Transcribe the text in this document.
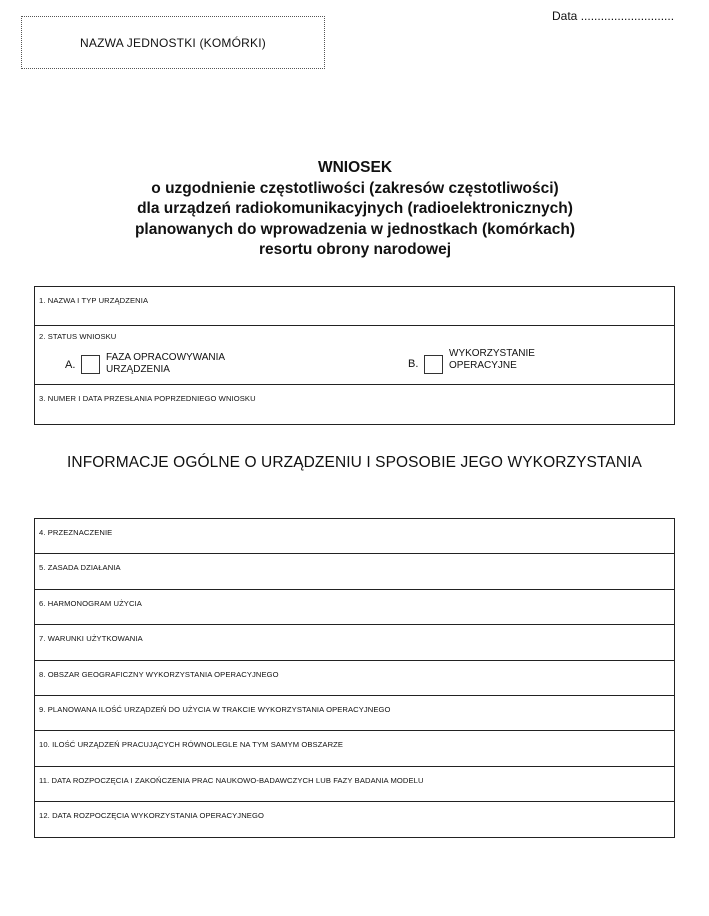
Data ............................
NAZWA JEDNOSTKI (KOMÓRKI)
WNIOSEK
o uzgodnienie częstotliwości (zakresów częstotliwości)
dla urządzeń radiokomunikacyjnych (radioelektronicznych)
planowanych do wprowadzenia w jednostkach (komórkach)
resortu obrony narodowej
1. NAZWA I TYP URZĄDZENIA
2. STATUS WNIOSKU
A.
FAZA OPRACOWYWANIA
URZĄDZENIA	B.
WYKORZYSTANIE
OPERACYJNE
3. NUMER I DATA PRZESŁANIA POPRZEDNIEGO WNIOSKU
INFORMACJE OGÓLNE O URZĄDZENIU I SPOSOBIE JEGO WYKORZYSTANIA
4. PRZEZNACZENIE
5. ZASADA DZIAŁANIA
6. HARMONOGRAM UŻYCIA
7. WARUNKI UŻYTKOWANIA
8. OBSZAR GEOGRAFICZNY WYKORZYSTANIA OPERACYJNEGO
9. PLANOWANA ILOŚĆ URZĄDZEŃ DO UŻYCIA W TRAKCIE WYKORZYSTANIA OPERACYJNEGO
10. ILOŚĆ URZĄDZEŃ PRACUJĄCYCH RÓWNOLEGLE NA TYM SAMYM OBSZARZE
11. DATA ROZPOCZĘCIA I ZAKOŃCZENIA PRAC NAUKOWO-BADAWCZYCH LUB FAZY BADANIA MODELU
12. DATA ROZPOCZĘCIA WYKORZYSTANIA OPERACYJNEGO
